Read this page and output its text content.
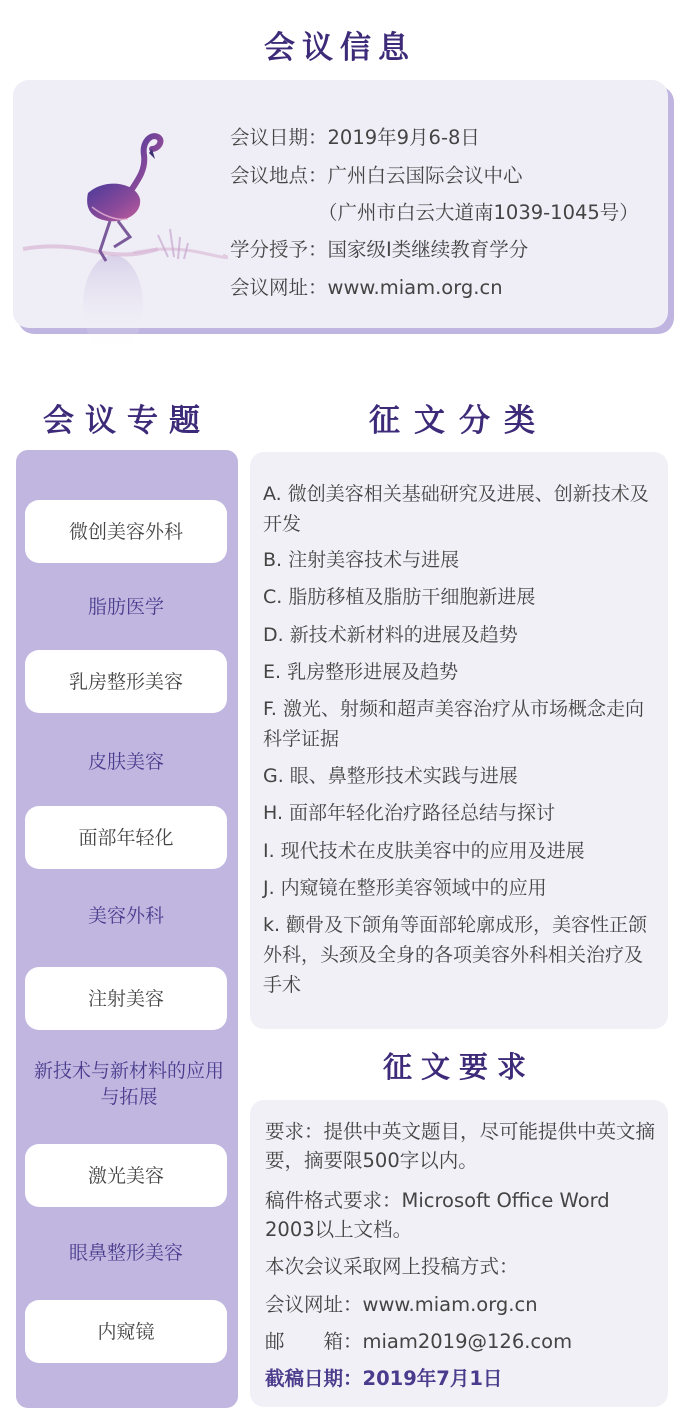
会议信息
会议日期：2019年9月6-8日
会议地点：广州白云国际会议中心
（广州市白云大道南1039-1045号）
学分授予：国家级I类继续教育学分
会议网址：www.miam.org.cn
会议专题
微创美容外科
脂肪医学
乳房整形美容
皮肤美容
面部年轻化
美容外科
注射美容
新技术与新材料的应用与拓展
激光美容
眼鼻整形美容
内窥镜
征文分类
A. 微创美容相关基础研究及进展、创新技术及开发
B. 注射美容技术与进展
C. 脂肪移植及脂肪干细胞新进展
D. 新技术新材料的进展及趋势
E. 乳房整形进展及趋势
F. 激光、射频和超声美容治疗从市场概念走向科学证据
G. 眼、鼻整形技术实践与进展
H. 面部年轻化治疗路径总结与探讨
I. 现代技术在皮肤美容中的应用及进展
J. 内窥镜在整形美容领域中的应用
k. 颧骨及下颌角等面部轮廓成形，美容性正颌外科，头颈及全身的各项美容外科相关治疗及手术
征文要求
要求：提供中英文题目，尽可能提供中英文摘要，摘要限500字以内。
稿件格式要求：Microsoft Office Word 2003以上文档。
本次会议采取网上投稿方式：
会议网址：www.miam.org.cn
邮　　箱：miam2019@126.com
截稿日期：2019年7月1日
